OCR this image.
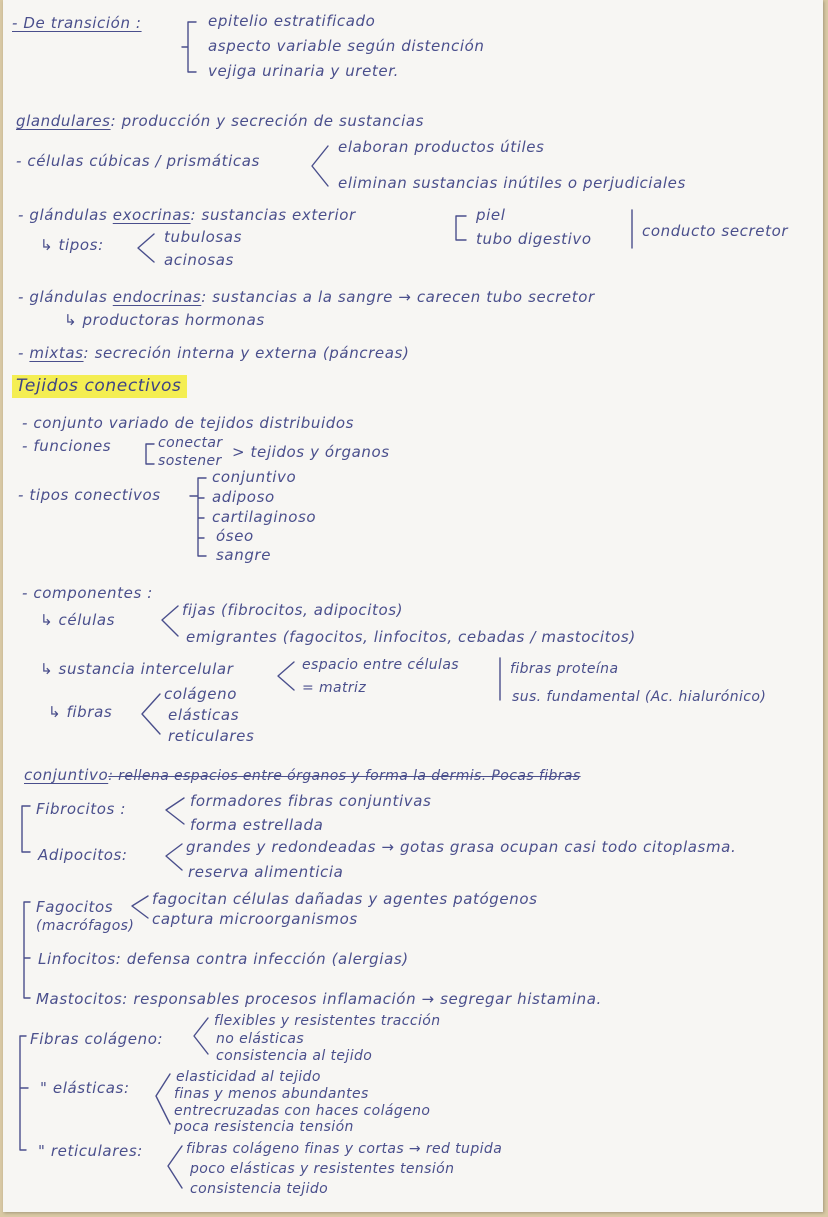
- De transición :	epitelio estratificado
aspecto variable según distención
vejiga urinaria y ureter.
glandulares: producción y secreción de sustancias
- células cúbicas / prismáticas
elaboran productos útiles
eliminan sustancias inútiles o perjudiciales
- glándulas exocrinas: sustancias exterior	piel
tubo digestivo	conducto secretor
↳ tipos:	tubulosas
acinosas
- glándulas endocrinas: sustancias a la sangre → carecen tubo secretor
↳ productoras hormonas
- mixtas: secreción interna y externa (páncreas)
Tejidos conectivos
- conjunto variado de tejidos distribuidos
- funciones	conectar
sostener > tejidos y órganos
- tipos conectivos
conjuntivo
adiposo
cartilaginoso
óseo
sangre
- componentes :
↳ células
fijas (fibrocitos, adipocitos)
emigrantes (fagocitos, linfocitos, cebadas / mastocitos)
↳ sustancia intercelular	espacio entre células
= matriz
fibras proteína
sus. fundamental (Ac. hialurónico)
↳ fibras
colágeno
elásticas
reticulares
conjuntivo: rellena espacios entre órganos y forma la dermis. Pocas fibras
Fibrocitos :	formadores fibras conjuntivas
forma estrellada
Adipocitos:	grandes y redondeadas → gotas grasa ocupan casi todo citoplasma.
reserva alimenticia
Fagocitos
(macrófagos)
fagocitan células dañadas y agentes patógenos
captura microorganismos
Linfocitos: defensa contra infección (alergias)
Mastocitos: responsables procesos inflamación → segregar histamina.
Fibras colágeno:
flexibles y resistentes tracción
no elásticas
consistencia al tejido
" elásticas:
elasticidad al tejido
finas y menos abundantes
entrecruzadas con haces colágeno
poca resistencia tensión
" reticulares:	fibras colágeno finas y cortas → red tupida
poco elásticas y resistentes tensión
consistencia tejido
